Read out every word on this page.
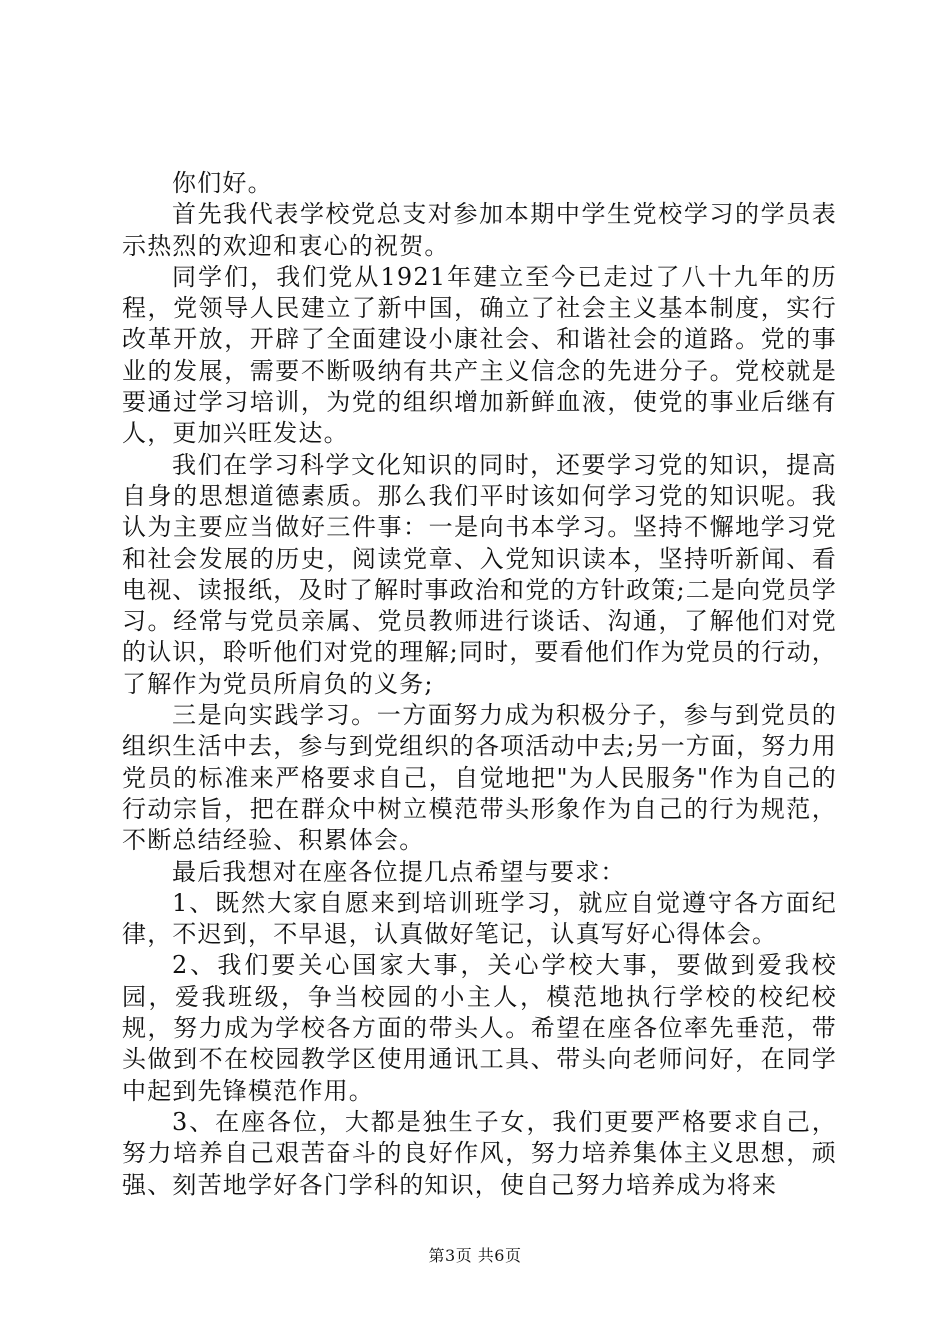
你们好。

首先我代表学校党总支对参加本期中学生党校学习的学员表示热烈的欢迎和衷心的祝贺。

同学们，我们党从1921年建立至今已走过了八十九年的历程，党领导人民建立了新中国，确立了社会主义基本制度，实行改革开放，开辟了全面建设小康社会、和谐社会的道路。党的事业的发展，需要不断吸纳有共产主义信念的先进分子。党校就是要通过学习培训，为党的组织增加新鲜血液，使党的事业后继有人，更加兴旺发达。

我们在学习科学文化知识的同时，还要学习党的知识，提高自身的思想道德素质。那么我们平时该如何学习党的知识呢。我认为主要应当做好三件事：一是向书本学习。坚持不懈地学习党和社会发展的历史，阅读党章、入党知识读本，坚持听新闻、看电视、读报纸，及时了解时事政治和党的方针政策;二是向党员学习。经常与党员亲属、党员教师进行谈话、沟通，了解他们对党的认识，聆听他们对党的理解;同时，要看他们作为党员的行动，了解作为党员所肩负的义务;

三是向实践学习。一方面努力成为积极分子，参与到党员的组织生活中去，参与到党组织的各项活动中去;另一方面，努力用党员的标准来严格要求自己，自觉地把"为人民服务"作为自己的行动宗旨，把在群众中树立模范带头形象作为自己的行为规范，不断总结经验、积累体会。

最后我想对在座各位提几点希望与要求：

1、既然大家自愿来到培训班学习，就应自觉遵守各方面纪律，不迟到，不早退，认真做好笔记，认真写好心得体会。

2、我们要关心国家大事，关心学校大事，要做到爱我校园，爱我班级，争当校园的小主人，模范地执行学校的校纪校规，努力成为学校各方面的带头人。希望在座各位率先垂范，带头做到不在校园教学区使用通讯工具、带头向老师问好，在同学中起到先锋模范作用。

3、在座各位，大都是独生子女，我们更要严格要求自己，努力培养自己艰苦奋斗的良好作风，努力培养集体主义思想，顽强、刻苦地学好各门学科的知识，使自己努力培养成为将来

第3页 共6页
